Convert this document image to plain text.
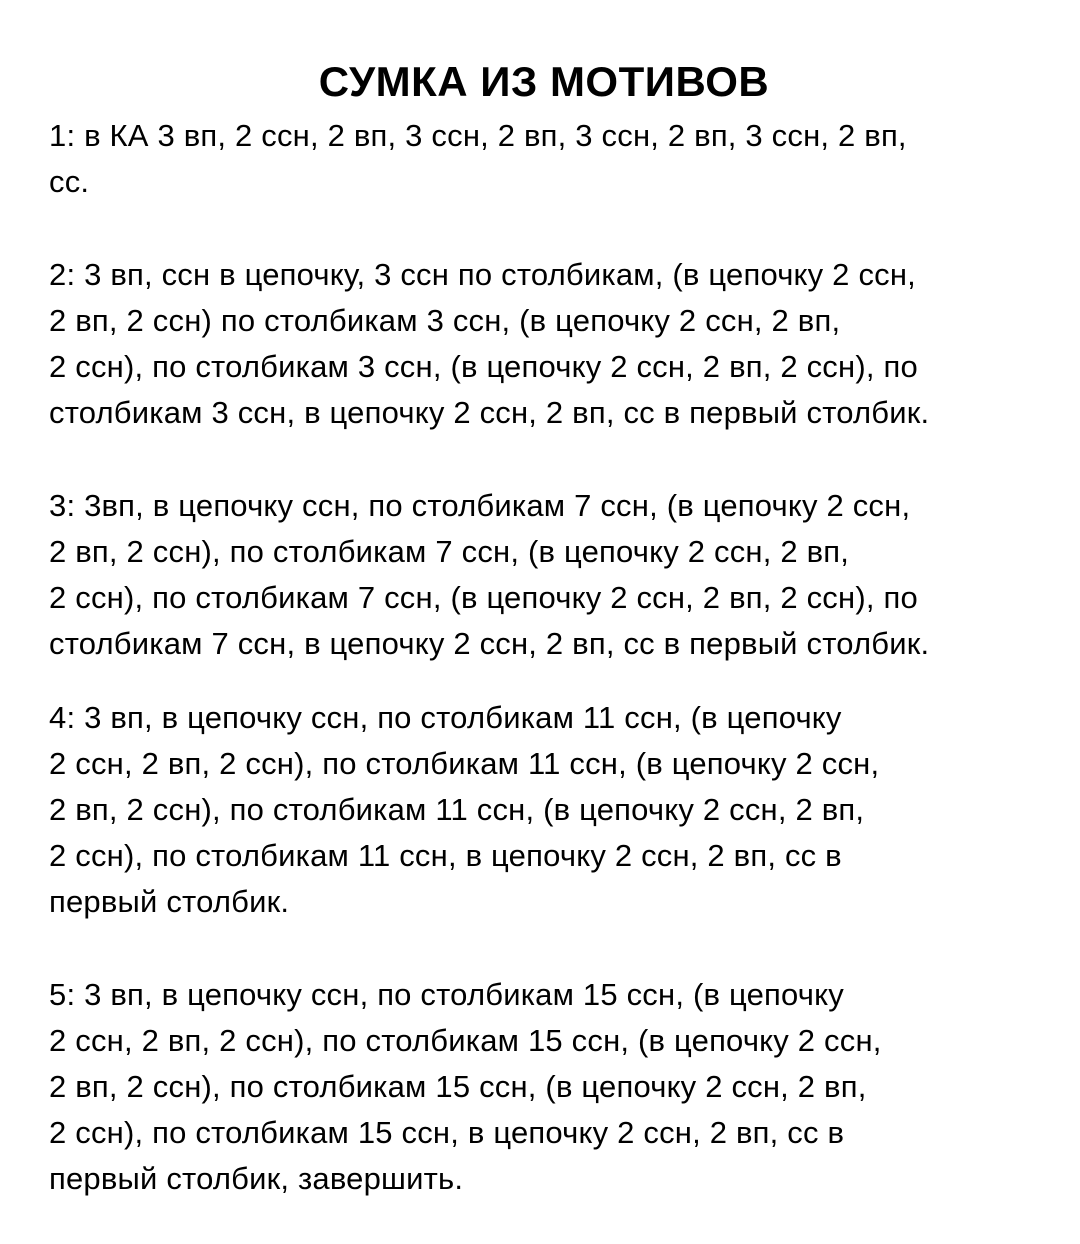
СУМКА ИЗ МОТИВОВ
1: в КА 3 вп, 2 ссн, 2 вп, 3 ссн, 2 вп, 3 ссн, 2 вп, 3 ссн, 2 вп,
сс.
2: 3 вп, ссн в цепочку, 3 ссн по столбикам, (в цепочку 2 ссн,
2 вп, 2 ссн) по столбикам 3 ссн, (в цепочку 2 ссн, 2 вп,
2 ссн), по столбикам 3 ссн, (в цепочку 2 ссн, 2 вп, 2 ссн), по
столбикам 3 ссн, в цепочку 2 ссн, 2 вп, сс в первый столбик.
3: 3вп, в цепочку ссн, по столбикам 7 ссн, (в цепочку 2 ссн,
2 вп, 2 ссн), по столбикам 7 ссн, (в цепочку 2 ссн, 2 вп,
2 ссн), по столбикам 7 ссн, (в цепочку 2 ссн, 2 вп, 2 ссн), по
столбикам 7 ссн, в цепочку 2 ссн, 2 вп, сс в первый столбик.
4: 3 вп, в цепочку ссн, по столбикам 11 ссн, (в цепочку
2 ссн, 2 вп, 2 ссн), по столбикам 11 ссн, (в цепочку 2 ссн,
2 вп, 2 ссн), по столбикам 11 ссн, (в цепочку 2 ссн, 2 вп,
2 ссн), по столбикам 11 ссн, в цепочку 2 ссн, 2 вп, сс в
первый столбик.
5: 3 вп, в цепочку ссн, по столбикам 15 ссн, (в цепочку
2 ссн, 2 вп, 2 ссн), по столбикам 15 ссн, (в цепочку 2 ссн,
2 вп, 2 ссн), по столбикам 15 ссн, (в цепочку 2 ссн, 2 вп,
2 ссн), по столбикам 15 ссн, в цепочку 2 ссн, 2 вп, сс в
первый столбик, завершить.
